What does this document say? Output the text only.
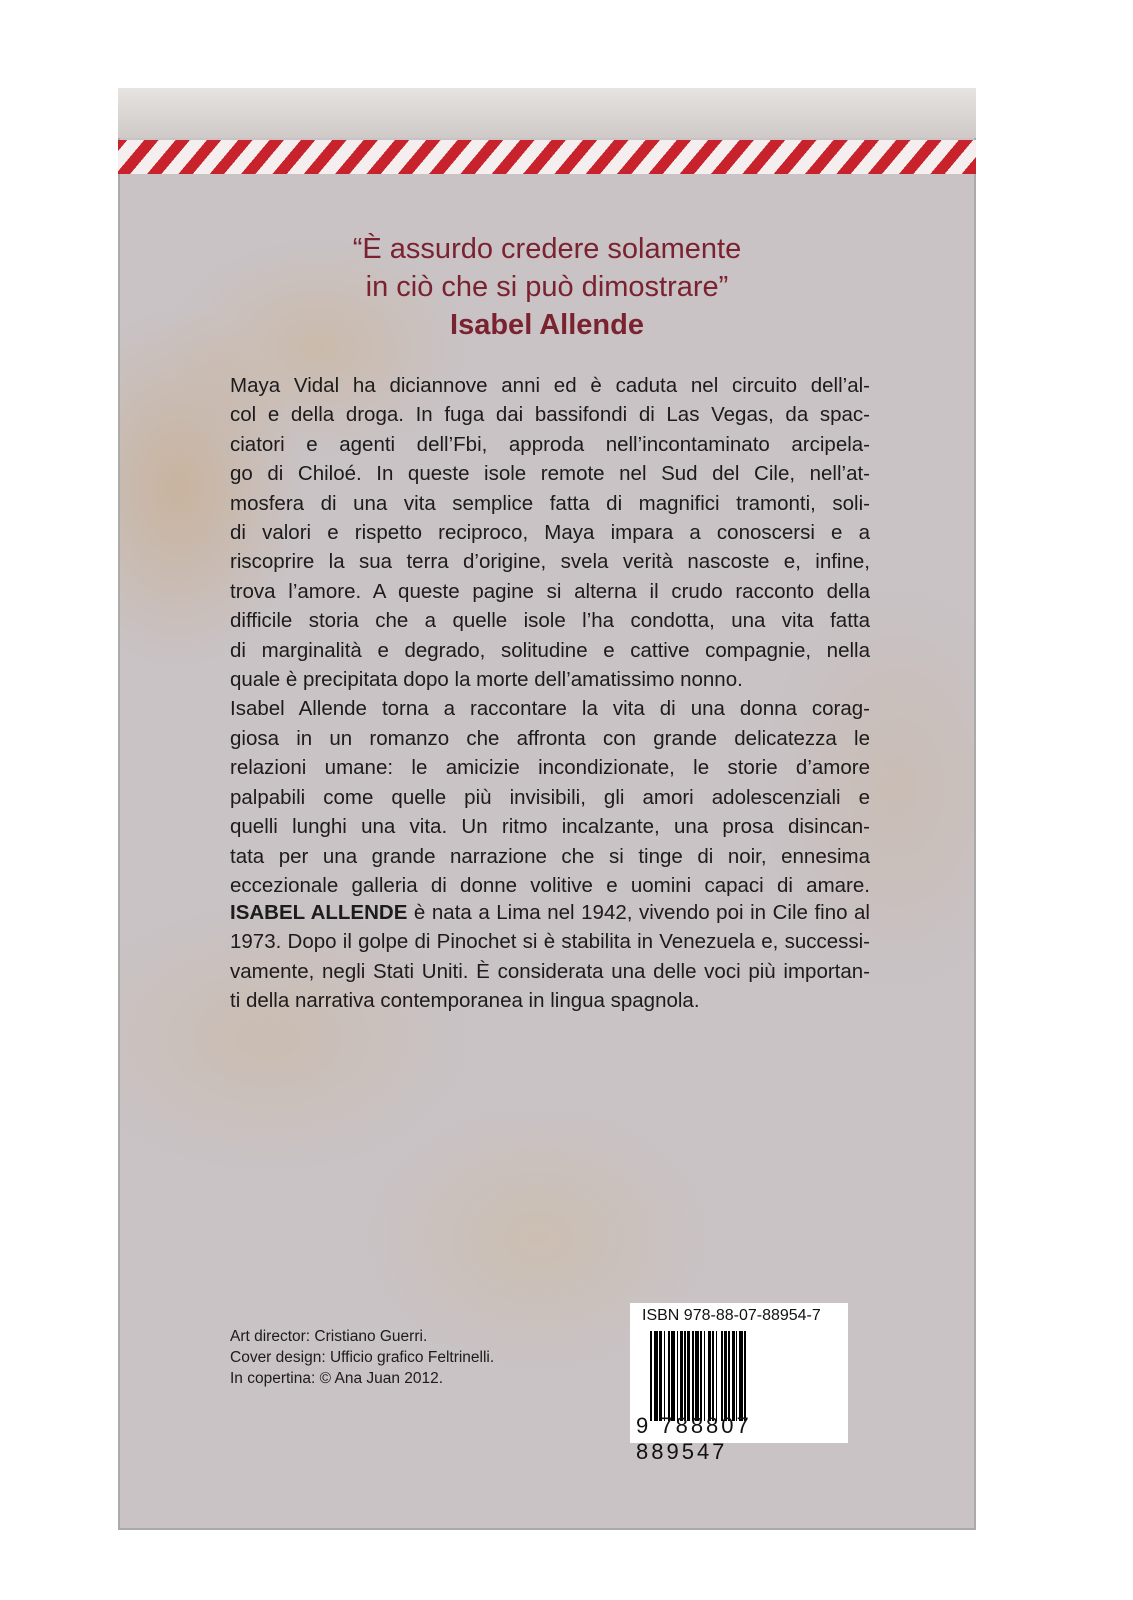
“È assurdo credere solamente
in ciò che si può dimostrare”
Isabel Allende
Maya Vidal ha diciannove anni ed è caduta nel circuito dell’al-
col e della droga. In fuga dai bassifondi di Las Vegas, da spac-
ciatori e agenti dell’Fbi, approda nell’incontaminato arcipela-
go di Chiloé. In queste isole remote nel Sud del Cile, nell’at-
mosfera di una vita semplice fatta di magnifici tramonti, soli-
di valori e rispetto reciproco, Maya impara a conoscersi e a
riscoprire la sua terra d’origine, svela verità nascoste e, infine,
trova l’amore. A queste pagine si alterna il crudo racconto della
difficile storia che a quelle isole l’ha condotta, una vita fatta
di marginalità e degrado, solitudine e cattive compagnie, nella
quale è precipitata dopo la morte dell’amatissimo nonno.
Isabel Allende torna a raccontare la vita di una donna corag-
giosa in un romanzo che affronta con grande delicatezza le
relazioni umane: le amicizie incondizionate, le storie d’amore
palpabili come quelle più invisibili, gli amori adolescenziali e
quelli lunghi una vita. Un ritmo incalzante, una prosa disincan-
tata per una grande narrazione che si tinge di noir, ennesima
eccezionale galleria di donne volitive e uomini capaci di amare.
ISABEL ALLENDE è nata a Lima nel 1942, vivendo poi in Cile fino al
1973. Dopo il golpe di Pinochet si è stabilita in Venezuela e, successi-
vamente, negli Stati Uniti. È considerata una delle voci più importan-
ti della narrativa contemporanea in lingua spagnola.
Art director: Cristiano Guerri.
Cover design: Ufficio grafico Feltrinelli.
In copertina: © Ana Juan 2012.
ISBN 978-88-07-88954-7
9 788807 889547
